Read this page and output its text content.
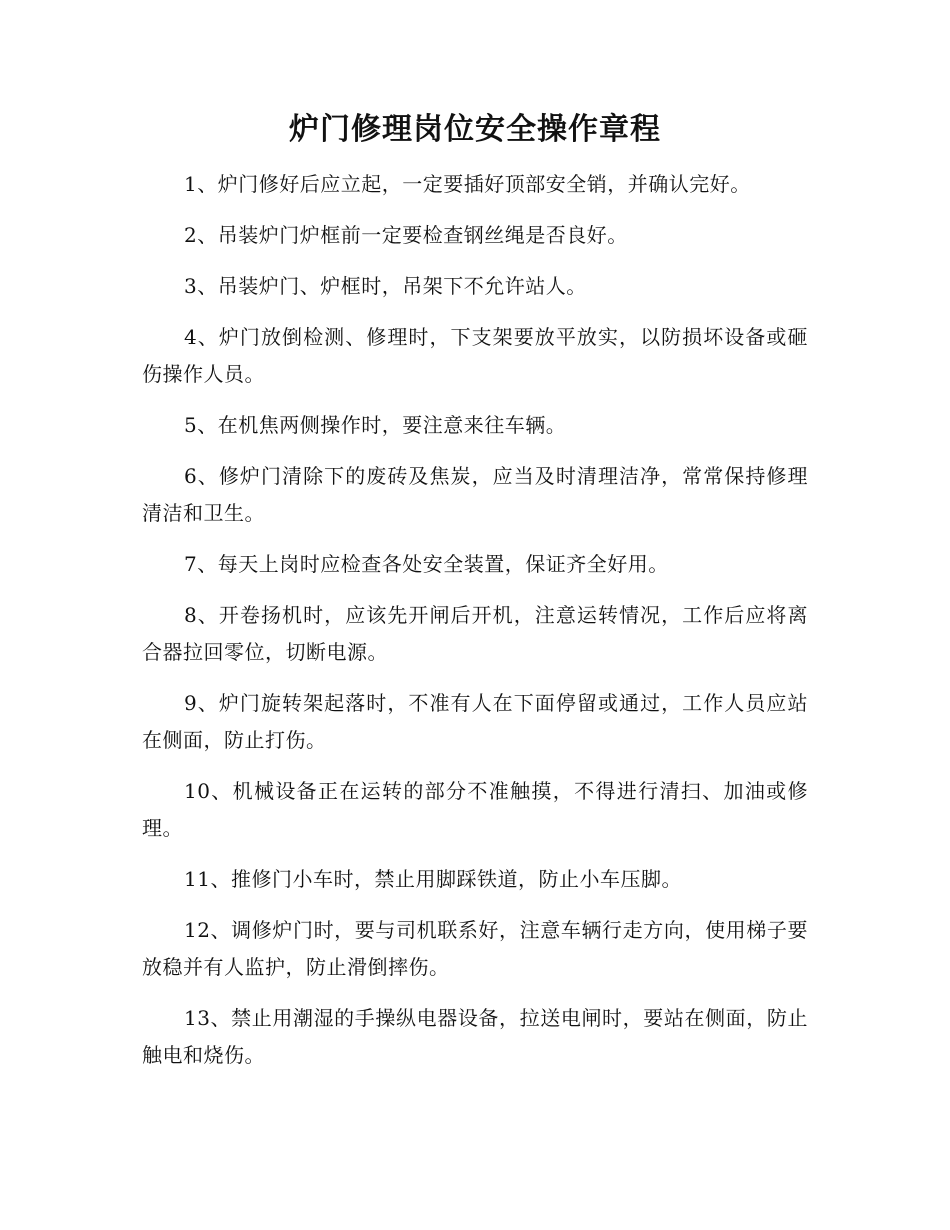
炉门修理岗位安全操作章程

1、炉门修好后应立起，一定要插好顶部安全销，并确认完好。

2、吊装炉门炉框前一定要检查钢丝绳是否良好。

3、吊装炉门、炉框时，吊架下不允许站人。

4、炉门放倒检测、修理时，下支架要放平放实，以防损坏设备或砸伤操作人员。

5、在机焦两侧操作时，要注意来往车辆。

6、修炉门清除下的废砖及焦炭，应当及时清理洁净，常常保持修理清洁和卫生。

7、每天上岗时应检查各处安全装置，保证齐全好用。

8、开卷扬机时，应该先开闸后开机，注意运转情况，工作后应将离合器拉回零位，切断电源。

9、炉门旋转架起落时，不准有人在下面停留或通过，工作人员应站在侧面，防止打伤。

10、机械设备正在运转的部分不准触摸，不得进行清扫、加油或修理。

11、推修门小车时，禁止用脚踩铁道，防止小车压脚。

12、调修炉门时，要与司机联系好，注意车辆行走方向，使用梯子要放稳并有人监护，防止滑倒摔伤。

13、禁止用潮湿的手操纵电器设备，拉送电闸时，要站在侧面，防止触电和烧伤。
